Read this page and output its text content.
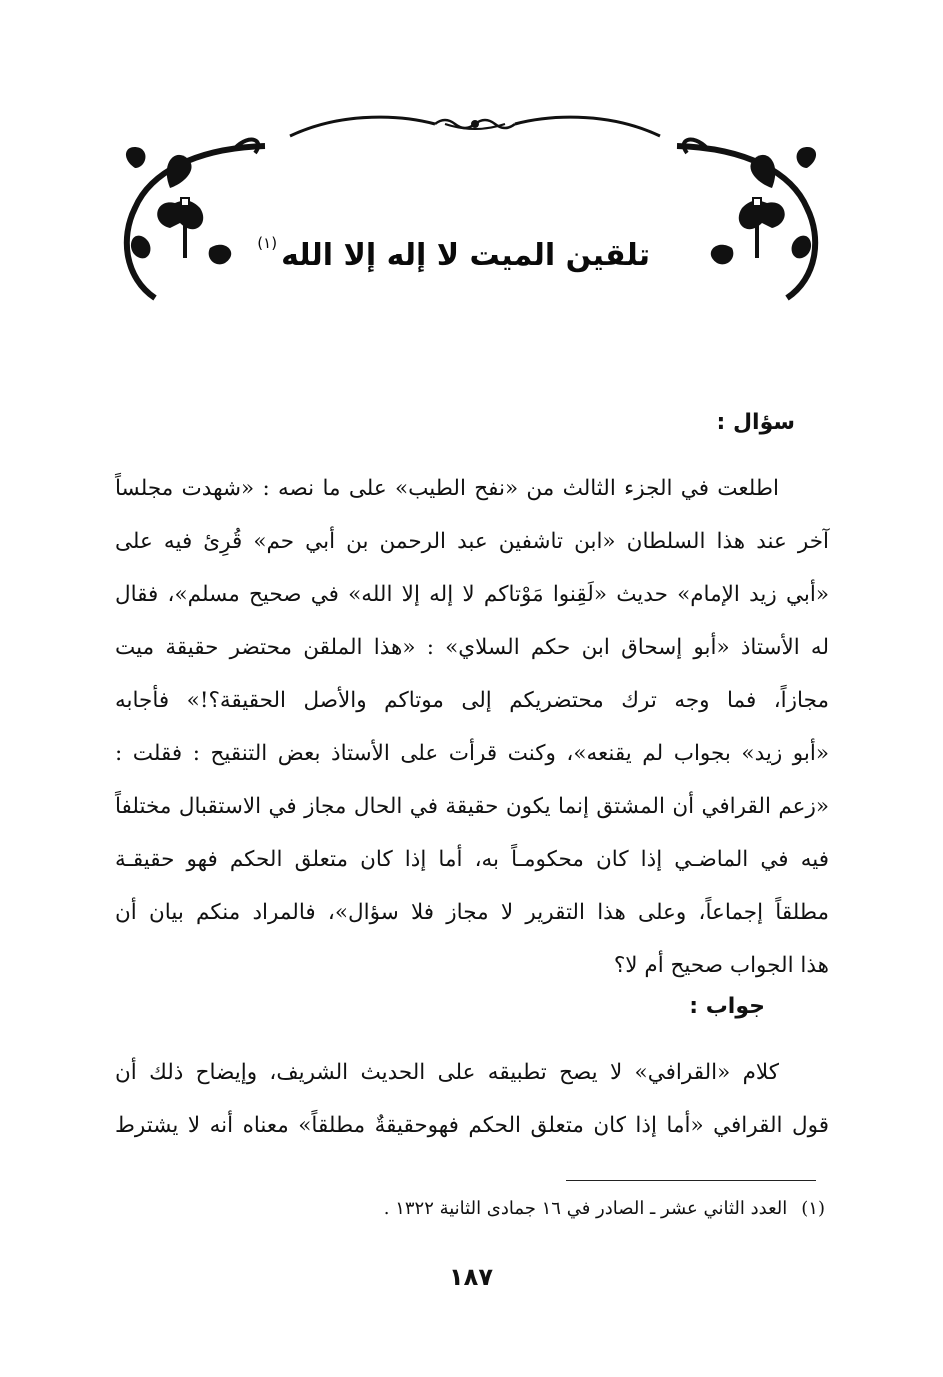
تلقين الميت لا إله إلا الله$^{(١)}$
سؤال :
اطلعت في الجزء الثالث من «نفح الطيب» على ما نصه : «شهدت مجلساً
آخر عند هذا السلطان «ابن تاشفين عبد الرحمن بن أبي حم» قُرِئ فيه على
«أبي زيد الإمام» حديث «لَقِنوا مَوْتاكم لا إله إلا الله» في صحيح مسلم»، فقال
له الأستاذ «أبو إسحاق ابن حكم السلاي» : «هذا الملقن محتضر حقيقة ميت
مجازاً، فما وجه ترك محتضريكم إلى موتاكم والأصل الحقيقة؟!» فأجابه
«أبو زيد» بجواب لم يقنعه»، وكنت قرأت على الأستاذ بعض التنقيح : فقلت :
«زعم القرافي أن المشتق إنما يكون حقيقة في الحال مجاز في الاستقبال مختلفاً
فيه في الماضـي إذا كان محكومـاً به، أما إذا كان متعلق الحكم فهو حقيقـة
مطلقاً إجماعاً، وعلى هذا التقرير لا مجاز فلا سؤال»، فالمراد منكم بيان أن
هذا الجواب صحيح أم لا؟
جواب :
كلام «القرافي» لا يصح تطبيقه على الحديث الشريف، وإيضاح ذلك أن
قول القرافي «أما إذا كان متعلق الحكم فهوحقيقةٌ مطلقاً» معناه أنه لا يشترط
(١)العدد الثاني عشر ـ الصادر في ١٦ جمادى الثانية ١٣٢٢ .
١٨٧
